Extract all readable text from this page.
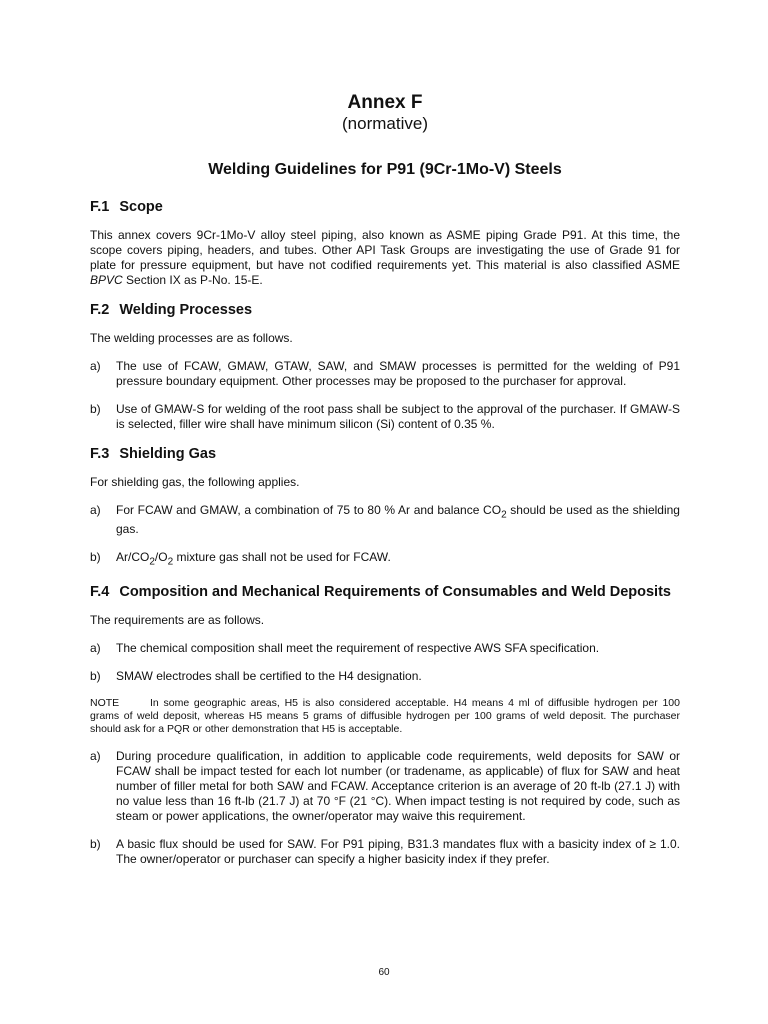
Annex F
(normative)
Welding Guidelines for P91 (9Cr-1Mo-V) Steels
F.1 Scope

This annex covers 9Cr-1Mo-V alloy steel piping, also known as ASME piping Grade P91. At this time, the scope covers piping, headers, and tubes. Other API Task Groups are investigating the use of Grade 91 for plate for pressure equipment, but have not codified requirements yet. This material is also classified ASME BPVC Section IX as P-No. 15-E.

F.2 Welding Processes

The welding processes are as follows.

a)	The use of FCAW, GMAW, GTAW, SAW, and SMAW processes is permitted for the welding of P91 pressure boundary equipment. Other processes may be proposed to the purchaser for approval.
b)	Use of GMAW-S for welding of the root pass shall be subject to the approval of the purchaser. If GMAW-S is selected, filler wire shall have minimum silicon (Si) content of 0.35 %.
F.3 Shielding Gas

For shielding gas, the following applies.

a)	For FCAW and GMAW, a combination of 75 to 80 % Ar and balance $CO_2$ should be used as the shielding gas.
b)	$Ar/CO_2/O_2$ mixture gas shall not be used for FCAW.
F.4 Composition and Mechanical Requirements of Consumables and Weld Deposits

The requirements are as follows.

a)	The chemical composition shall meet the requirement of respective AWS SFA specification.
b)	SMAW electrodes shall be certified to the H4 designation.
NOTE	In some geographic areas, H5 is also considered acceptable. H4 means 4 ml of diffusible hydrogen per 100 grams of weld deposit, whereas H5 means 5 grams of diffusible hydrogen per 100 grams of weld deposit. The purchaser should ask for a PQR or other demonstration that H5 is acceptable.
a)	During procedure qualification, in addition to applicable code requirements, weld deposits for SAW or FCAW shall be impact tested for each lot number (or tradename, as applicable) of flux for SAW and heat number of filler metal for both SAW and FCAW. Acceptance criterion is an average of 20 ft-lb (27.1 J) with no value less than 16 ft-lb (21.7 J) at 70 °F (21 °C). When impact testing is not required by code, such as steam or power applications, the owner/operator may waive this requirement.
b)	A basic flux should be used for SAW. For P91 piping, B31.3 mandates flux with a basicity index of ≥ 1.0. The owner/operator or purchaser can specify a higher basicity index if they prefer.
60
